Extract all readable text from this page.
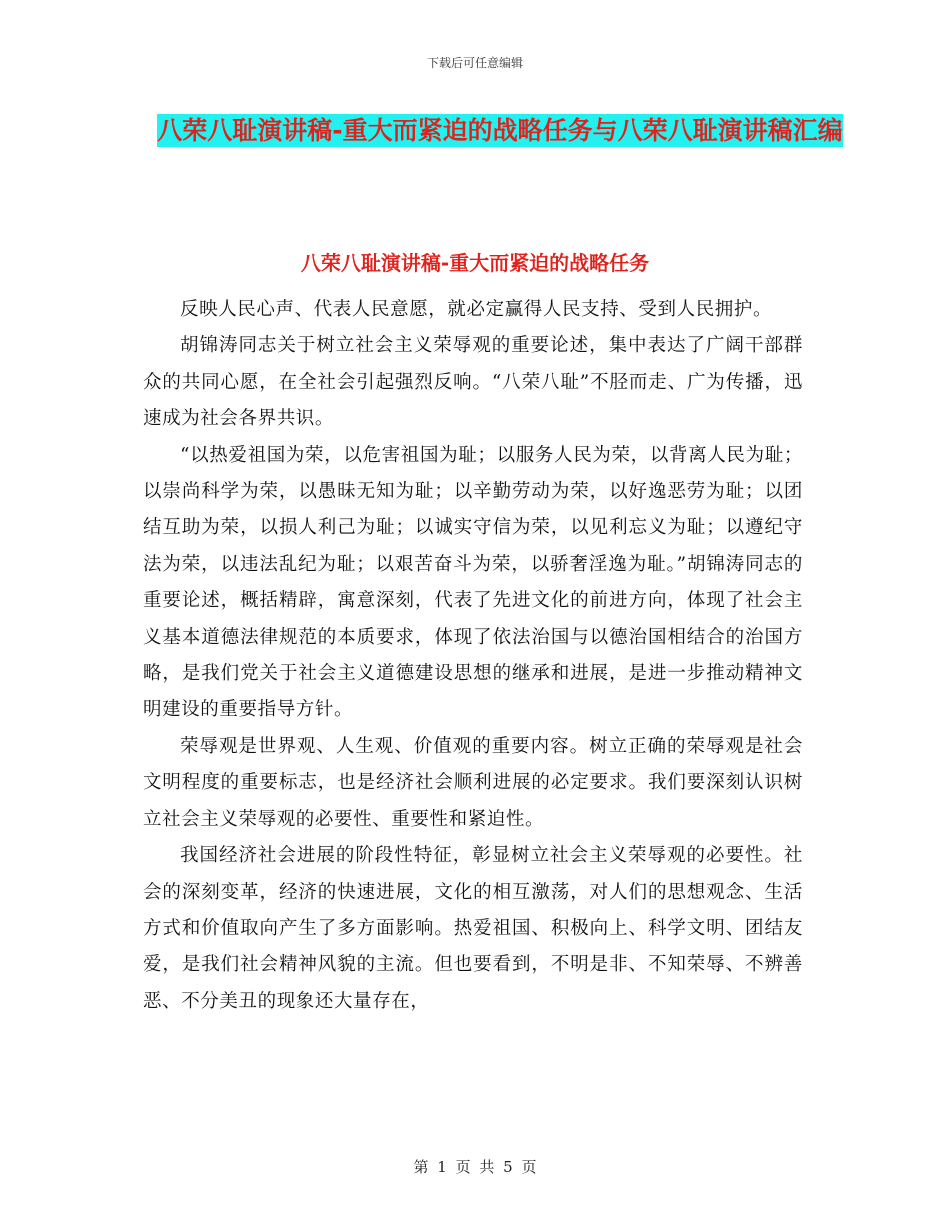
下载后可任意编辑
八荣八耻演讲稿-重大而紧迫的战略任务与八荣八耻演讲稿汇编
八荣八耻演讲稿-重大而紧迫的战略任务

反映人民心声、代表人民意愿，就必定赢得人民支持、受到人民拥护。

胡锦涛同志关于树立社会主义荣辱观的重要论述，集中表达了广阔干部群众的共同心愿，在全社会引起强烈反响。“八荣八耻”不胫而走、广为传播，迅速成为社会各界共识。

“以热爱祖国为荣，以危害祖国为耻；以服务人民为荣，以背离人民为耻；以崇尚科学为荣，以愚昧无知为耻；以辛勤劳动为荣，以好逸恶劳为耻；以团结互助为荣，以损人利己为耻；以诚实守信为荣，以见利忘义为耻；以遵纪守法为荣，以违法乱纪为耻；以艰苦奋斗为荣，以骄奢淫逸为耻。”胡锦涛同志的重要论述，概括精辟，寓意深刻，代表了先进文化的前进方向，体现了社会主义基本道德法律规范的本质要求，体现了依法治国与以德治国相结合的治国方略，是我们党关于社会主义道德建设思想的继承和进展，是进一步推动精神文明建设的重要指导方针。

荣辱观是世界观、人生观、价值观的重要内容。树立正确的荣辱观是社会文明程度的重要标志，也是经济社会顺利进展的必定要求。我们要深刻认识树立社会主义荣辱观的必要性、重要性和紧迫性。

我国经济社会进展的阶段性特征，彰显树立社会主义荣辱观的必要性。社会的深刻变革，经济的快速进展，文化的相互激荡，对人们的思想观念、生活方式和价值取向产生了多方面影响。热爱祖国、积极向上、科学文明、团结友爱，是我们社会精神风貌的主流。但也要看到，不明是非、不知荣辱、不辨善恶、不分美丑的现象还大量存在，

第 1 页 共 5 页
